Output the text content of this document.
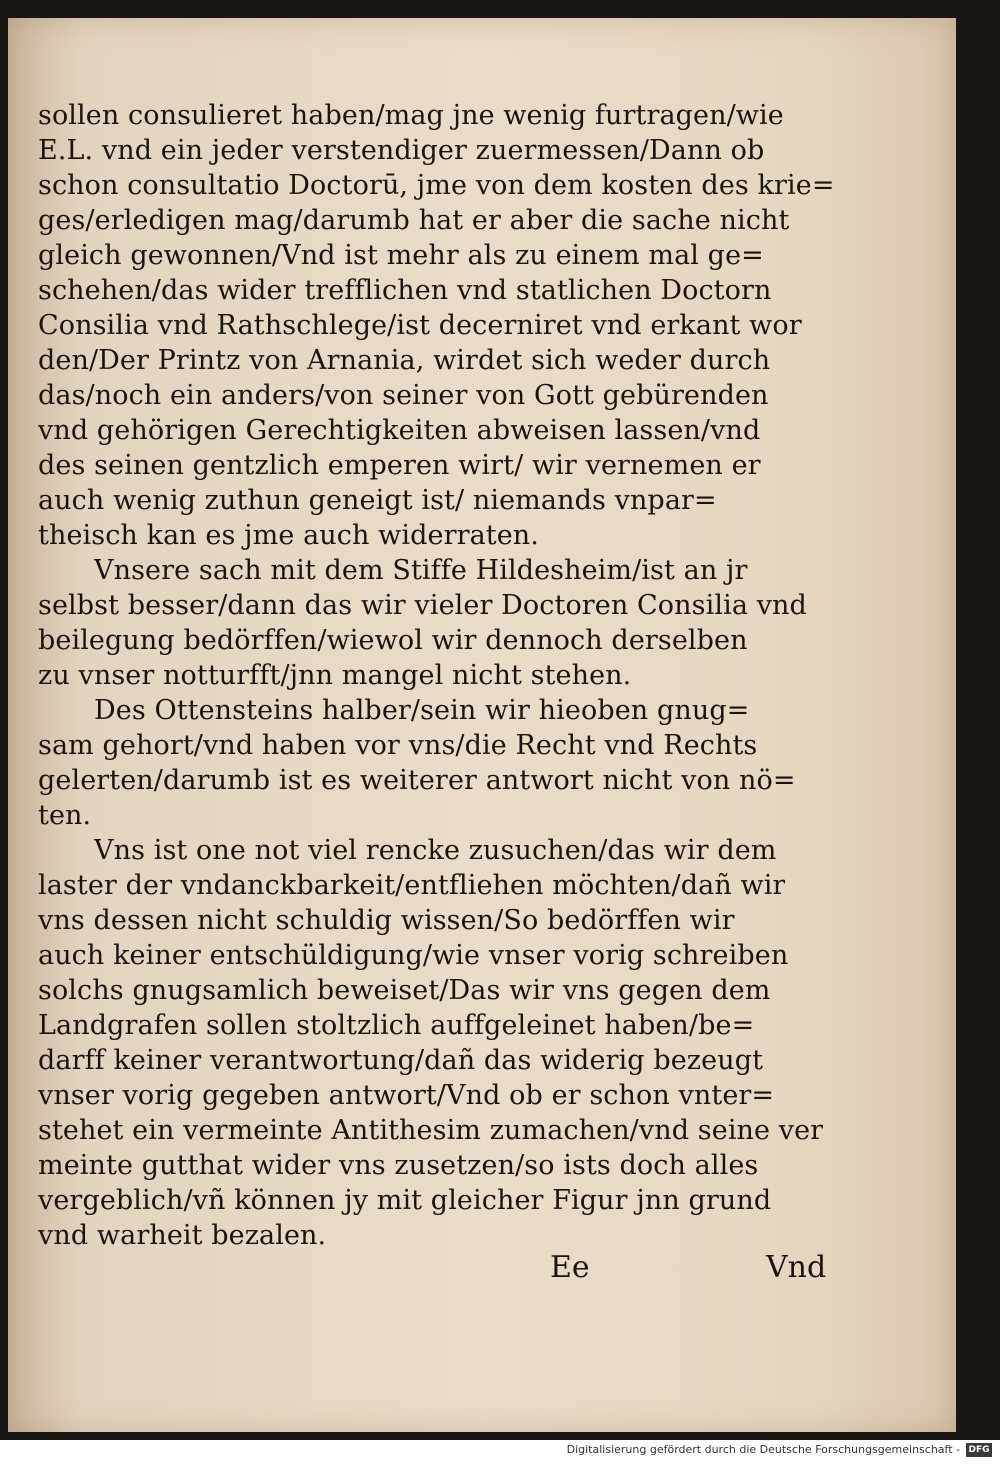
sollen consulieret haben/mag jne wenig furtragen/wie
E.L. vnd ein jeder verstendiger zuermessen/Dann ob
schon consultatio Doctorū, jme von dem kosten des krie=
ges/erledigen mag/darumb hat er aber die sache nicht
gleich gewonnen/Vnd ist mehr als zu einem mal ge=
schehen/das wider trefflichen vnd statlichen Doctorn
Consilia vnd Rathschlege/ist decerniret vnd erkant wor
den/Der Printz von Arnania, wirdet sich weder durch
das/noch ein anders/von seiner von Gott gebürenden
vnd gehörigen Gerechtigkeiten abweisen lassen/vnd
des seinen gentzlich emperen wirt/ wir vernemen er
auch wenig zuthun geneigt ist/ niemands vnpar=
theisch kan es jme auch widerraten.
Vnsere sach mit dem Stiffe Hildesheim/ist an jr
selbst besser/dann das wir vieler Doctoren Consilia vnd
beilegung bedörffen/wiewol wir dennoch derselben
zu vnser notturfft/jnn mangel nicht stehen.
Des Ottensteins halber/sein wir hieoben gnug=
sam gehort/vnd haben vor vns/die Recht vnd Rechts
gelerten/darumb ist es weiterer antwort nicht von nö=
ten.
Vns ist one not viel rencke zusuchen/das wir dem
laster der vndanckbarkeit/entfliehen möchten/dañ wir
vns dessen nicht schuldig wissen/So bedörffen wir
auch keiner entschüldigung/wie vnser vorig schreiben
solchs gnugsamlich beweiset/Das wir vns gegen dem
Landgrafen sollen stoltzlich auffgeleinet haben/be=
darff keiner verantwortung/dañ das widerig bezeugt
vnser vorig gegeben antwort/Vnd ob er schon vnter=
stehet ein vermeinte Antithesim zumachen/vnd seine ver
meinte gutthat wider vns zusetzen/so ists doch alles
vergeblich/vñ können jy mit gleicher Figur jnn grund
vnd warheit bezalen.
Ee	Vnd
Digitalisierung gefördert durch die Deutsche Forschungsgemeinschaft - DFG
